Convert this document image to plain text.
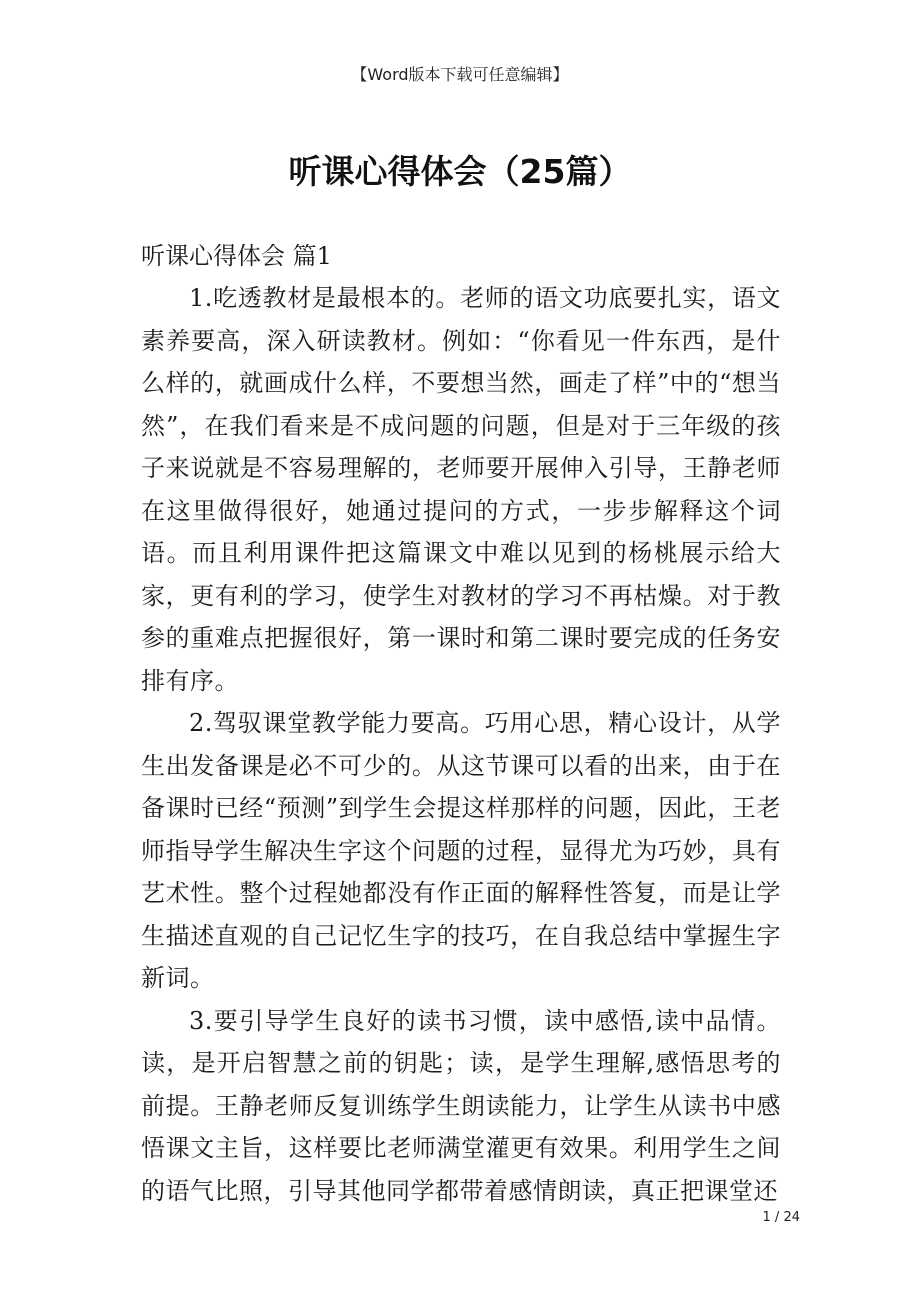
【Word版本下载可任意编辑】
听课心得体会（25篇）

听课心得体会 篇1

1.吃透教材是最根本的。老师的语文功底要扎实，语文素养要高，深入研读教材。例如：“你看见一件东西，是什么样的，就画成什么样，不要想当然，画走了样”中的“想当然”，在我们看来是不成问题的问题，但是对于三年级的孩子来说就是不容易理解的，老师要开展伸入引导，王静老师在这里做得很好，她通过提问的方式，一步步解释这个词语。而且利用课件把这篇课文中难以见到的杨桃展示给大家，更有利的学习，使学生对教材的学习不再枯燥。对于教参的重难点把握很好，第一课时和第二课时要完成的任务安排有序。

2.驾驭课堂教学能力要高。巧用心思，精心设计，从学生出发备课是必不可少的。从这节课可以看的出来，由于在备课时已经“预测”到学生会提这样那样的问题，因此，王老师指导学生解决生字这个问题的过程，显得尤为巧妙，具有艺术性。整个过程她都没有作正面的解释性答复，而是让学生描述直观的自己记忆生字的技巧，在自我总结中掌握生字新词。

3.要引导学生良好的读书习惯，读中感悟,读中品情。读，是开启智慧之前的钥匙；读，是学生理解,感悟思考的前提。王静老师反复训练学生朗读能力，让学生从读书中感悟课文主旨，这样要比老师满堂灌更有效果。利用学生之间的语气比照，引导其他同学都带着感情朗读，真正把课堂还

1 / 24
